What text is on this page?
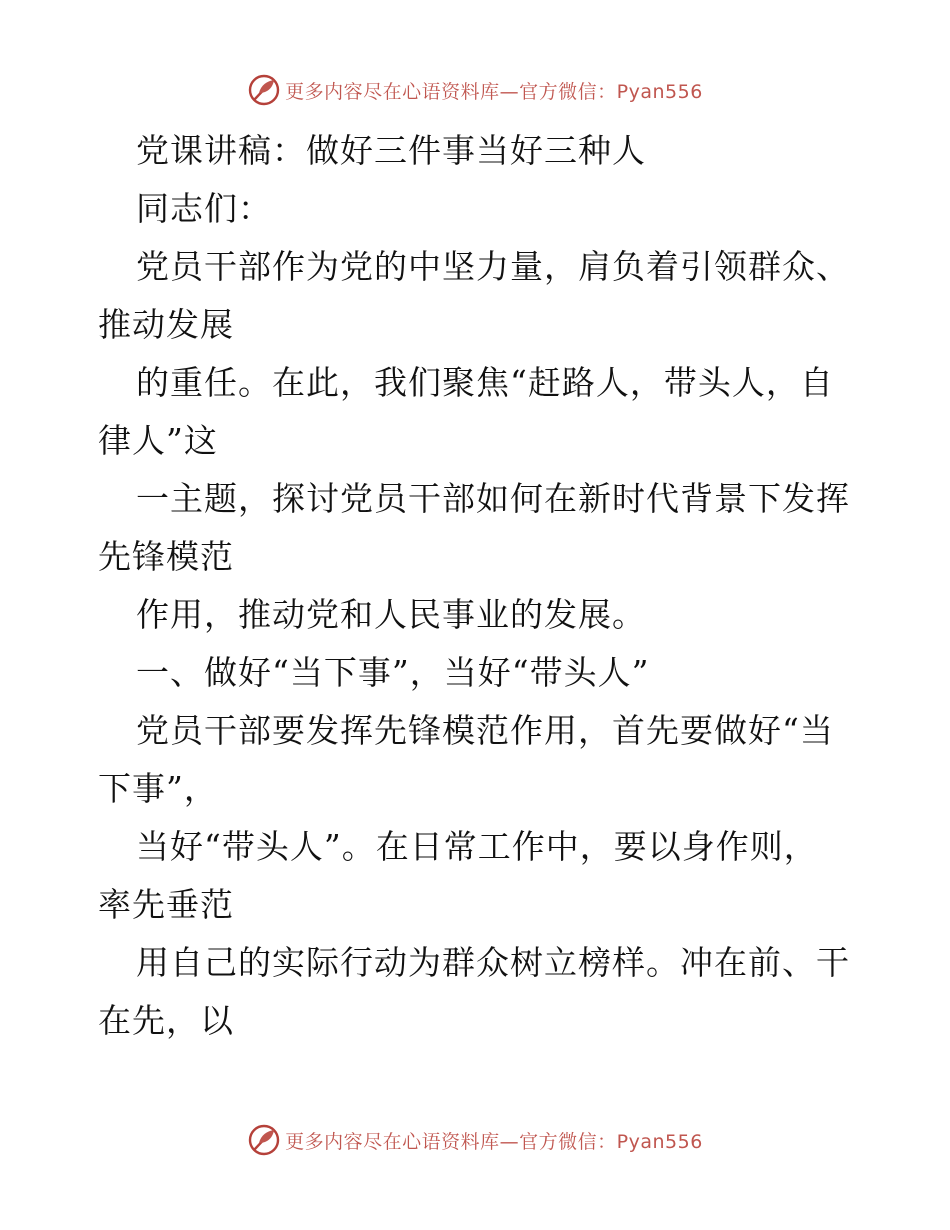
更多内容尽在心语资料库—官方微信：Pyan556
党课讲稿：做好三件事当好三种人
同志们：
党员干部作为党的中坚力量，肩负着引领群众、
推动发展
的重任。在此，我们聚焦“赶路人，带头人，自
律人”这
一主题，探讨党员干部如何在新时代背景下发挥
先锋模范
作用，推动党和人民事业的发展。
一、做好“当下事”，当好“带头人”
党员干部要发挥先锋模范作用，首先要做好“当
下事”，
当好“带头人”。在日常工作中，要以身作则，
率先垂范
用自己的实际行动为群众树立榜样。冲在前、干
在先，以
更多内容尽在心语资料库—官方微信：Pyan556
